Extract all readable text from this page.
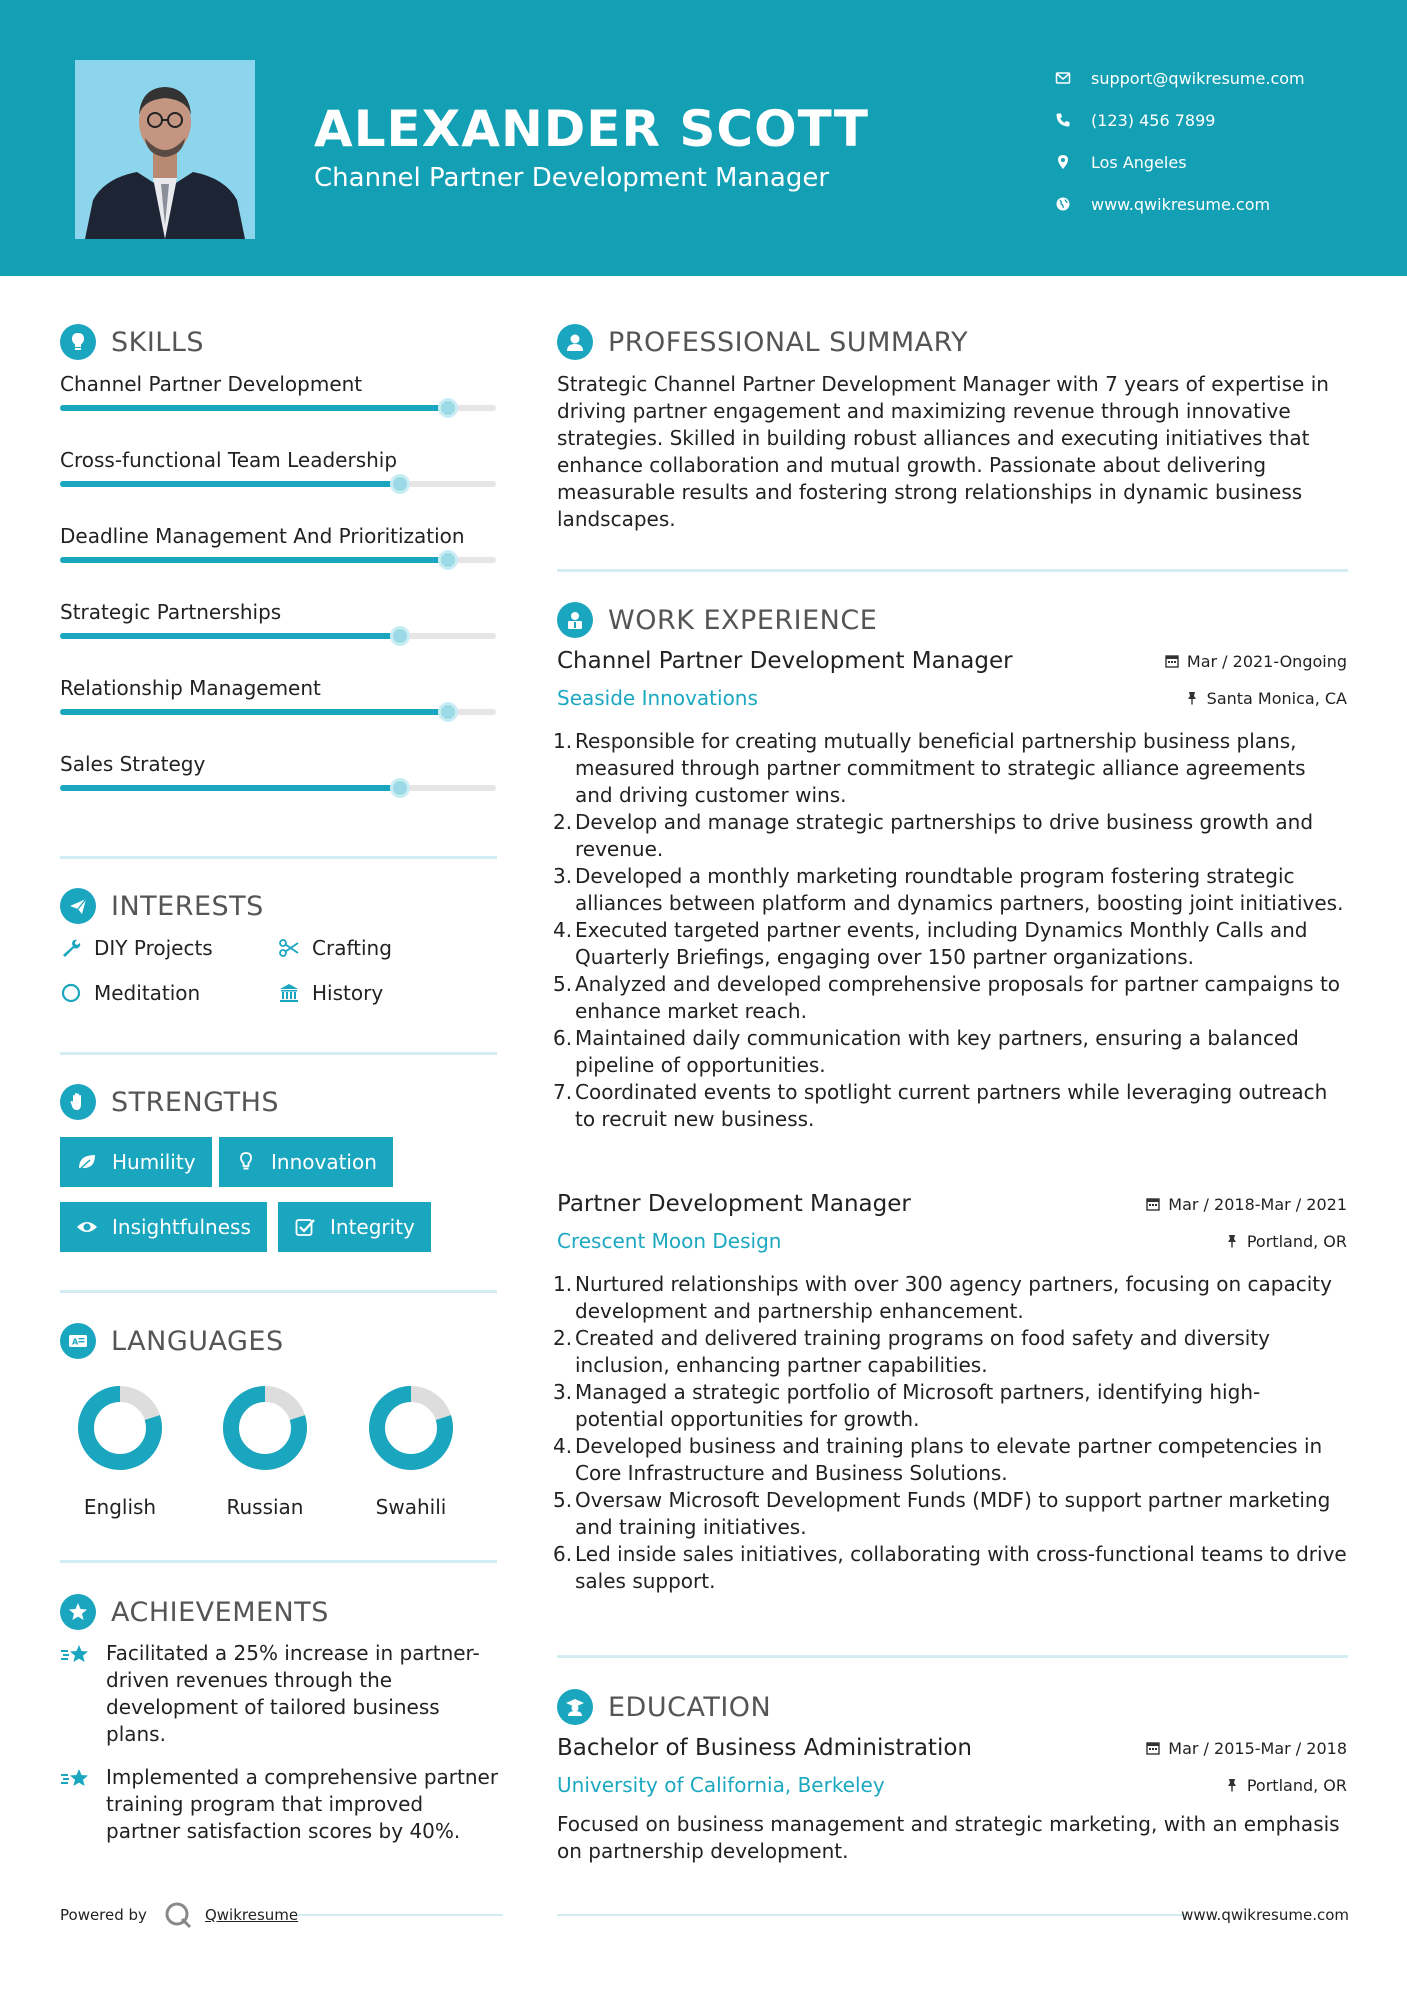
ALEXANDER SCOTT
Channel Partner Development Manager
support@qwikresume.com
(123) 456 7899
Los Angeles
www.qwikresume.com
SKILLS
Channel Partner Development
Cross-functional Team Leadership
Deadline Management And Prioritization
Strategic Partnerships
Relationship Management
Sales Strategy
INTERESTS
DIY Projects	Crafting
Meditation	History
STRENGTHS
Humility	Innovation
Insightfulness	Integrity
A LANGUAGES
English	Russian	Swahili
ACHIEVEMENTS
Facilitated a 25% increase in partner-driven revenues through the development of tailored business plans.
Implemented a comprehensive partner training program that improved partner satisfaction scores by 40%.
Powered by	Qwikresume
PROFESSIONAL SUMMARY

Strategic Channel Partner Development Manager with 7 years of expertise in driving partner engagement and maximizing revenue through innovative strategies. Skilled in building robust alliances and executing initiatives that enhance collaboration and mutual growth. Passionate about delivering measurable results and fostering strong relationships in dynamic business landscapes.

WORK EXPERIENCE
Channel Partner Development Manager	Mar / 2021-Ongoing
Seaside Innovations	Santa Monica, CA
1. Responsible for creating mutually beneficial partnership business plans, measured through partner commitment to strategic alliance agreements and driving customer wins.
2. Develop and manage strategic partnerships to drive business growth and revenue.
3. Developed a monthly marketing roundtable program fostering strategic alliances between platform and dynamics partners, boosting joint initiatives.
4. Executed targeted partner events, including Dynamics Monthly Calls and Quarterly Briefings, engaging over 150 partner organizations.
5. Analyzed and developed comprehensive proposals for partner campaigns to enhance market reach.
6. Maintained daily communication with key partners, ensuring a balanced pipeline of opportunities.
7. Coordinated events to spotlight current partners while leveraging outreach to recruit new business.
Partner Development Manager	Mar / 2018-Mar / 2021
Crescent Moon Design	Portland, OR
1. Nurtured relationships with over 300 agency partners, focusing on capacity development and partnership enhancement.
2. Created and delivered training programs on food safety and diversity inclusion, enhancing partner capabilities.
3. Managed a strategic portfolio of Microsoft partners, identifying high-potential opportunities for growth.
4. Developed business and training plans to elevate partner competencies in Core Infrastructure and Business Solutions.
5. Oversaw Microsoft Development Funds (MDF) to support partner marketing and training initiatives.
6. Led inside sales initiatives, collaborating with cross-functional teams to drive sales support.
EDUCATION
Bachelor of Business Administration	Mar / 2015-Mar / 2018
University of California, Berkeley	Portland, OR

Focused on business management and strategic marketing, with an emphasis on partnership development.

www.qwikresume.com
